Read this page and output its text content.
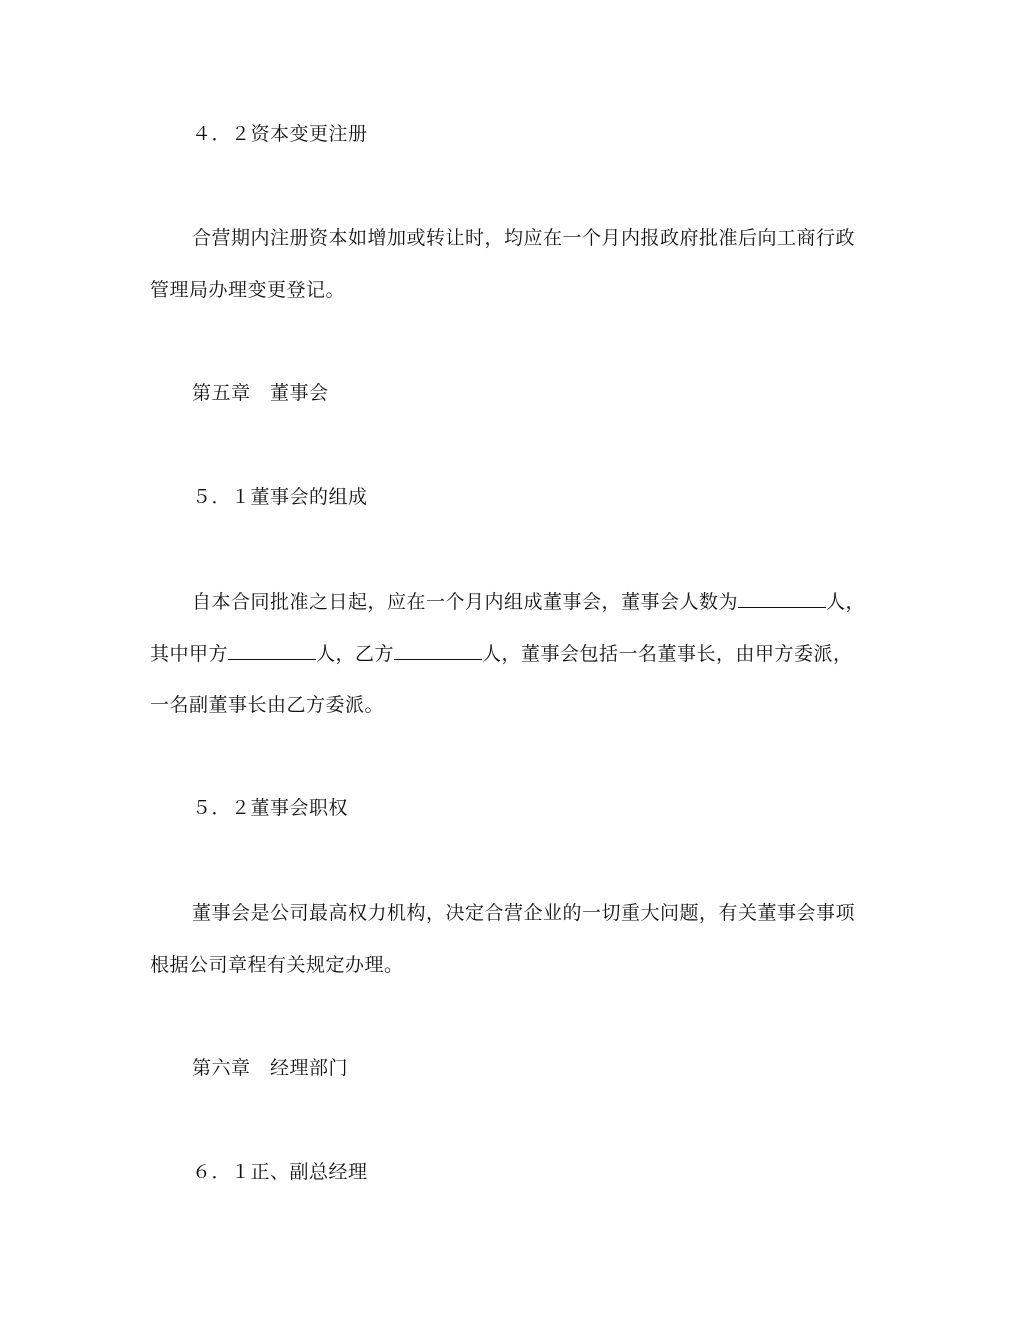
４．２资本变更注册
合营期内注册资本如增加或转让时，均应在一个月内报政府批准后向工商行政
管理局办理变更登记。
第五章　董事会
５．１董事会的组成
自本合同批准之日起，应在一个月内组成董事会，董事会人数为	人，
其中甲方	人，乙方	人，董事会包括一名董事长，由甲方委派，
一名副董事长由乙方委派。
５．２董事会职权
董事会是公司最高权力机构，决定合营企业的一切重大问题，有关董事会事项
根据公司章程有关规定办理。
第六章　经理部门
６．１正、副总经理
